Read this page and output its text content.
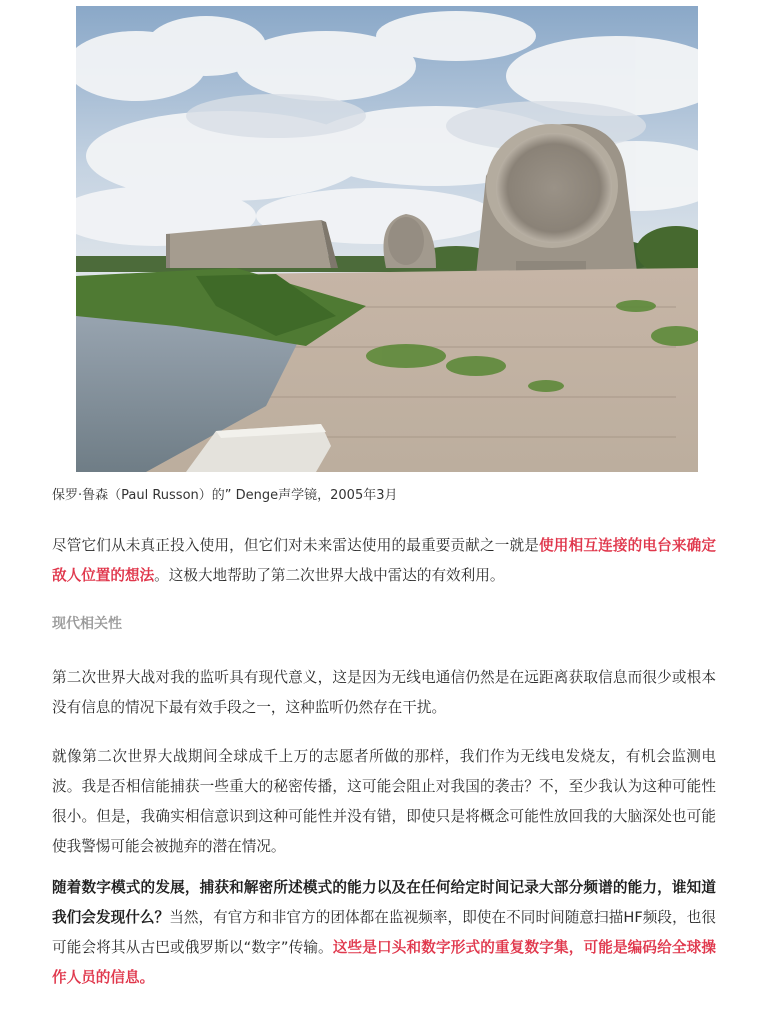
保罗·鲁森（Paul Russon）的” Denge声学镜，2005年3月

尽管它们从未真正投入使用，但它们对未来雷达使用的最重要贡献之一就是使用相互连接的电台来确定敌人位置的想法。这极大地帮助了第二次世界大战中雷达的有效利用。

现代相关性

第二次世界大战对我的监听具有现代意义，这是因为无线电通信仍然是在远距离获取信息而很少或根本没有信息的情况下最有效手段之一，这种监听仍然存在干扰。

就像第二次世界大战期间全球成千上万的志愿者所做的那样，我们作为无线电发烧友，有机会监测电波。我是否相信能捕获一些重大的秘密传播，这可能会阻止对我国的袭击？不，至少我认为这种可能性很小。但是，我确实相信意识到这种可能性并没有错，即使只是将概念可能性放回我的大脑深处也可能使我警惕可能会被抛弃的潜在情况。

随着数字模式的发展，捕获和解密所述模式的能力以及在任何给定时间记录大部分频谱的能力，谁知道我们会发现什么？当然，有官方和非官方的团体都在监视频率，即使在不同时间随意扫描HF频段，也很可能会将其从古巴或俄罗斯以“数字”传输。这些是口头和数字形式的重复数字集，可能是编码给全球操作人员的信息。
